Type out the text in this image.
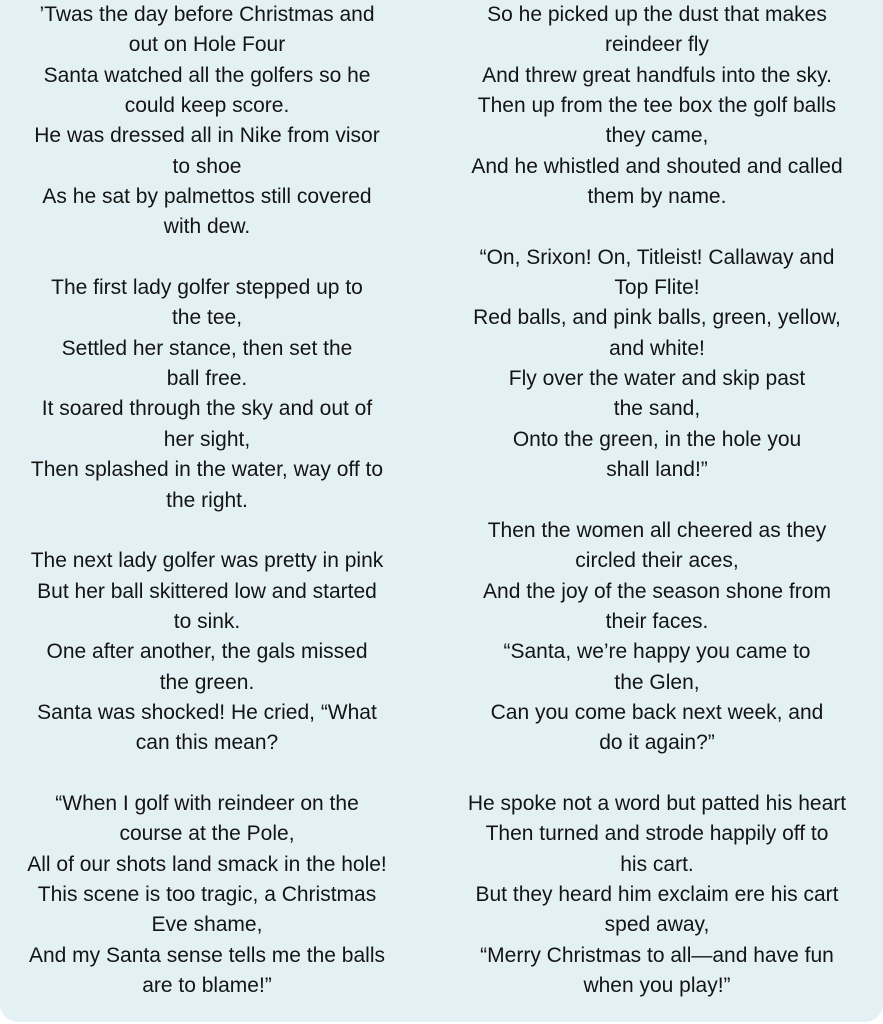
’Twas the day before Christmas and
out on Hole Four
Santa watched all the golfers so he
could keep score.
He was dressed all in Nike from visor
to shoe
As he sat by palmettos still covered
with dew.
The first lady golfer stepped up to
the tee,
Settled her stance, then set the
ball free.
It soared through the sky and out of
her sight,
Then splashed in the water, way off to
the right.
The next lady golfer was pretty in pink
But her ball skittered low and started
to sink.
One after another, the gals missed
the green.
Santa was shocked! He cried, “What
can this mean?
“When I golf with reindeer on the
course at the Pole,
All of our shots land smack in the hole!
This scene is too tragic, a Christmas
Eve shame,
And my Santa sense tells me the balls
are to blame!”
So he picked up the dust that makes
reindeer fly
And threw great handfuls into the sky.
Then up from the tee box the golf balls
they came,
And he whistled and shouted and called
them by name.
“On, Srixon! On, Titleist! Callaway and
Top Flite!
Red balls, and pink balls, green, yellow,
and white!
Fly over the water and skip past
the sand,
Onto the green, in the hole you
shall land!”
Then the women all cheered as they
circled their aces,
And the joy of the season shone from
their faces.
“Santa, we’re happy you came to
the Glen,
Can you come back next week, and
do it again?”
He spoke not a word but patted his heart
Then turned and strode happily off to
his cart.
But they heard him exclaim ere his cart
sped away,
“Merry Christmas to all—and have fun
when you play!”
